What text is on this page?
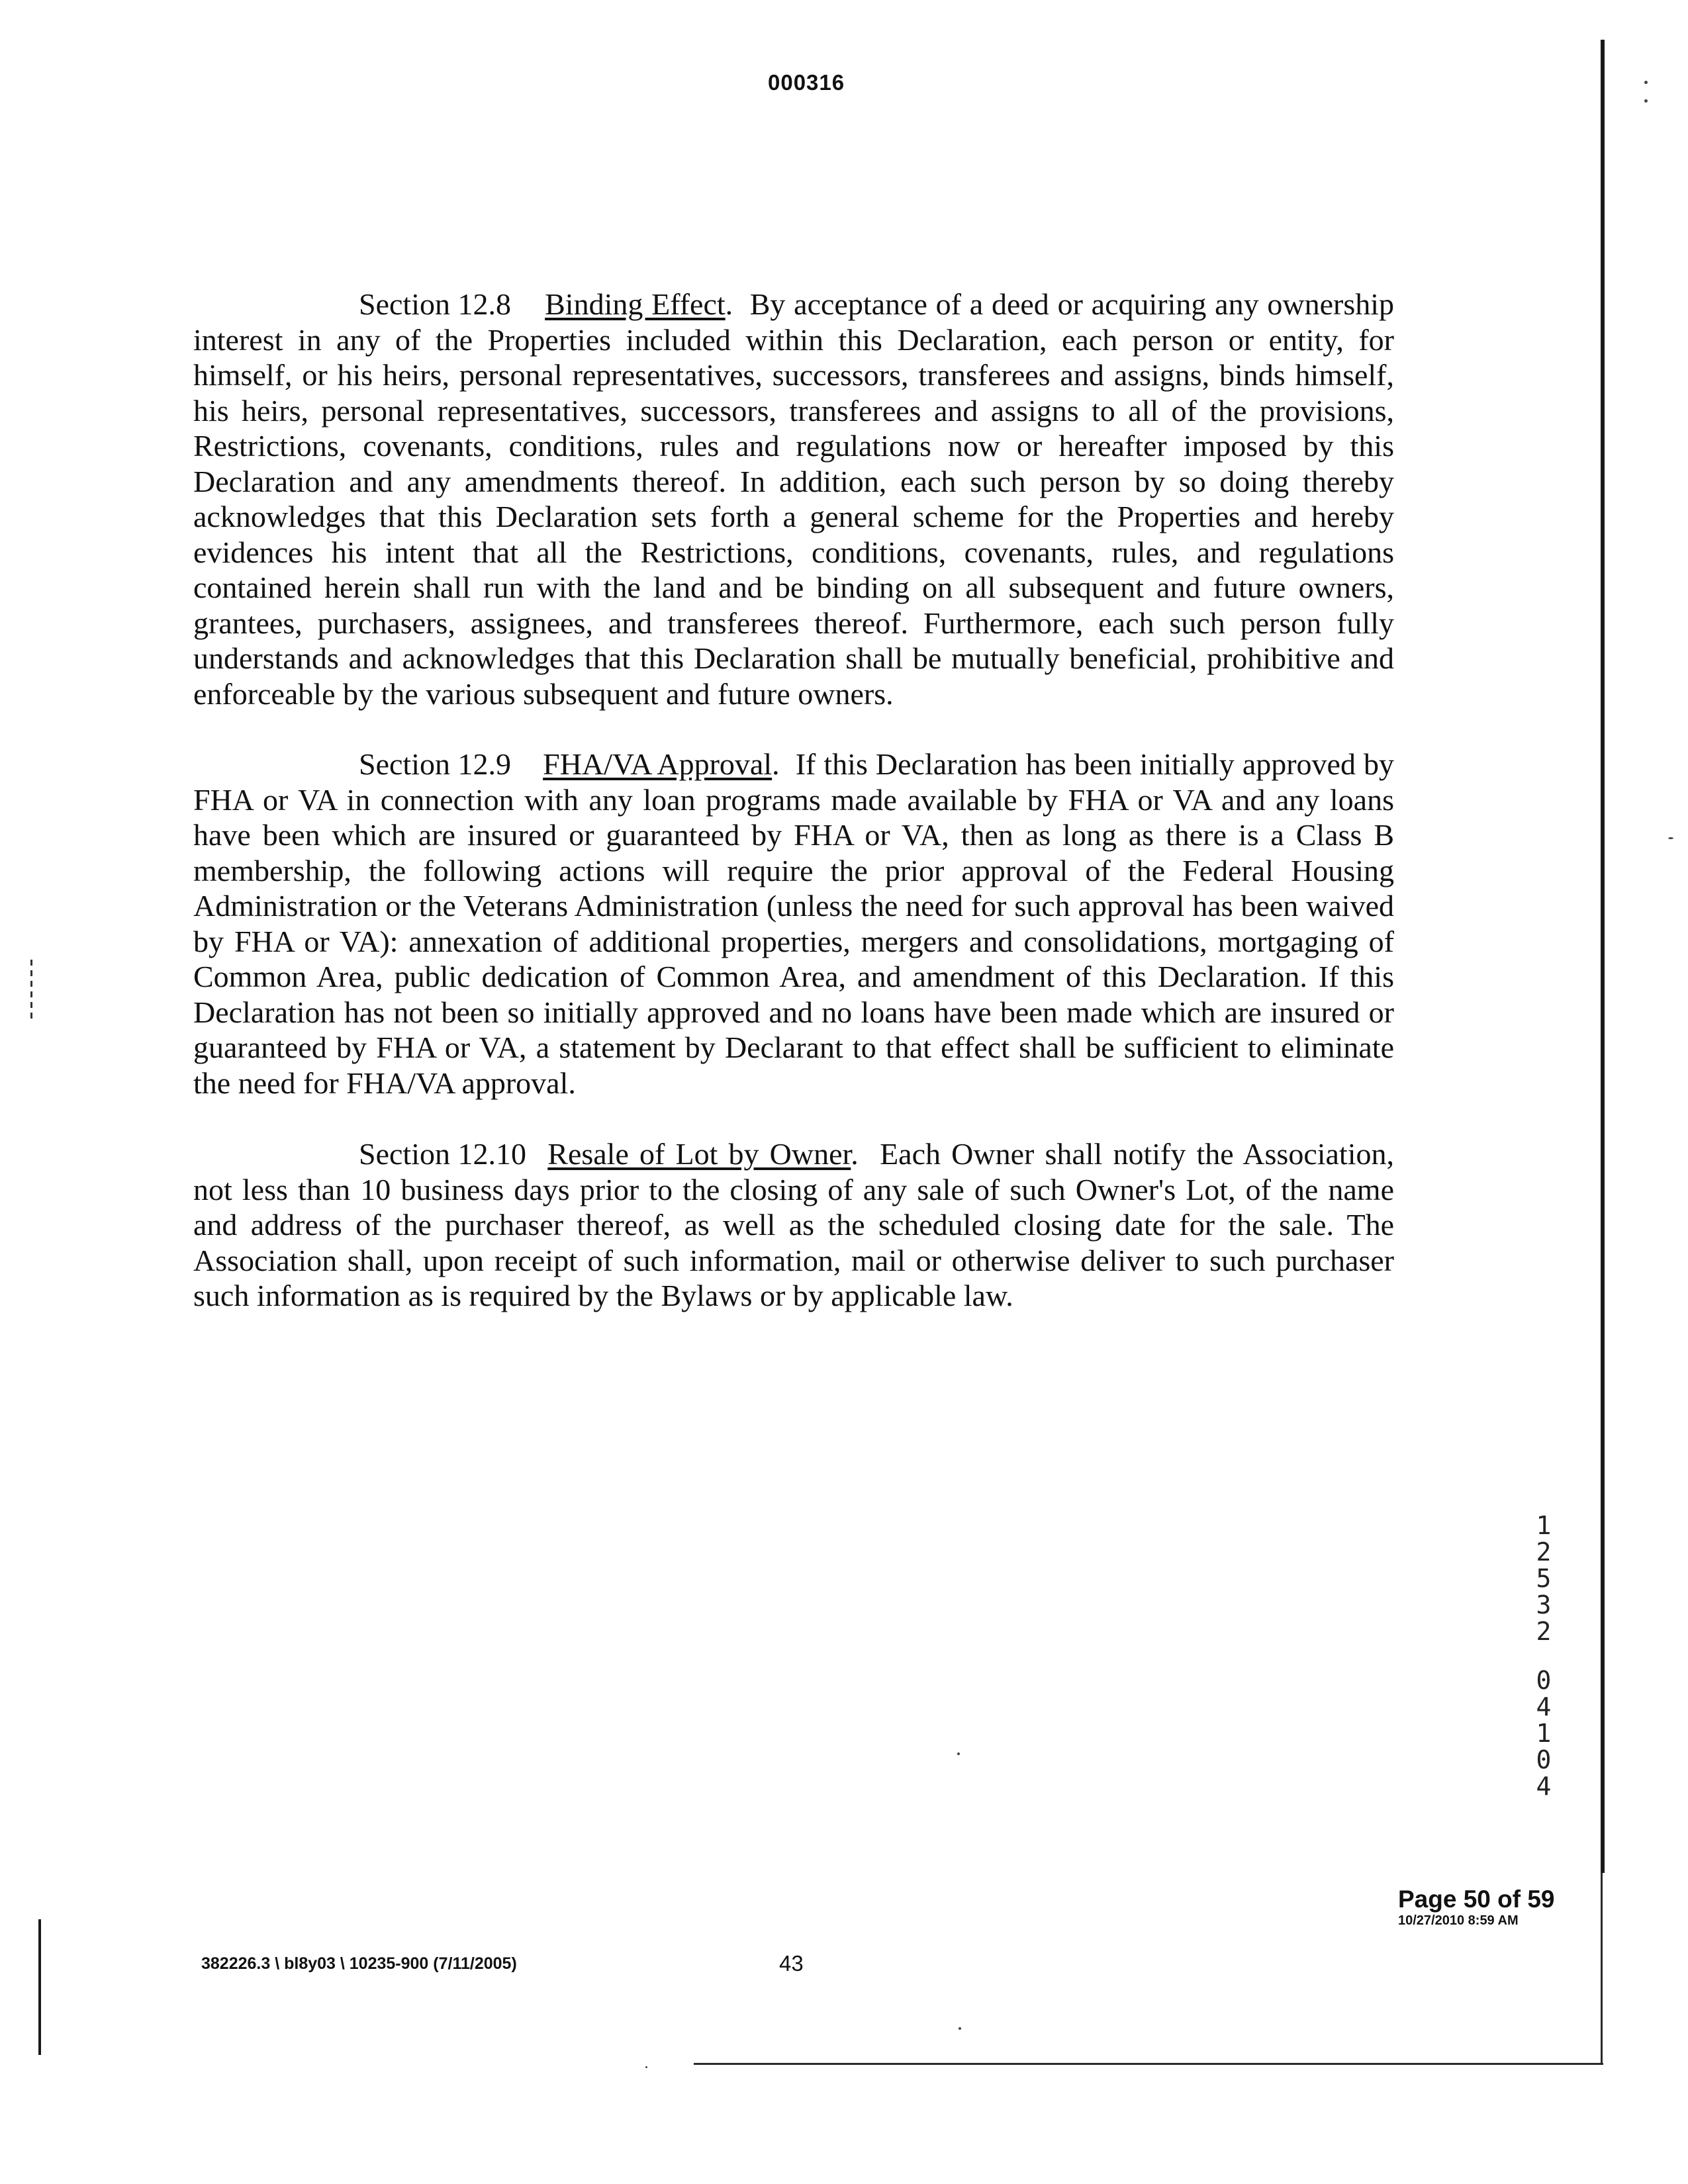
000316

Section 12.8 Binding Effect.  By acceptance of a deed or acquiring any ownership interest in any of the Properties included within this Declaration, each person or entity, for himself, or his heirs, personal representatives, successors, transferees and assigns, binds himself, his heirs, personal representatives, successors, transferees and assigns to all of the provisions, Restrictions, covenants, conditions, rules and regulations now or hereafter imposed by this Declaration and any amendments thereof. In addition, each such person by so doing thereby acknowledges that this Declaration sets forth a general scheme for the Properties and hereby evidences his intent that all the Restrictions, conditions, covenants, rules, and regulations contained herein shall run with the land and be binding on all subsequent and future owners, grantees, purchasers, assignees, and transferees thereof. Furthermore, each such person fully understands and acknowledges that this Declaration shall be mutually beneficial, prohibitive and enforceable by the various subsequent and future owners.

Section 12.9 FHA/VA Approval.  If this Declaration has been initially approved by FHA or VA in connection with any loan programs made available by FHA or VA and any loans have been which are insured or guaranteed by FHA or VA, then as long as there is a Class B membership, the following actions will require the prior approval of the Federal Housing Administration or the Veterans Administration (unless the need for such approval has been waived by FHA or VA): annexation of additional properties, mergers and consolidations, mortgaging of Common Area, public dedication of Common Area, and amendment of this Declaration. If this Declaration has not been so initially approved and no loans have been made which are insured or guaranteed by FHA or VA, a statement by Declarant to that effect shall be sufficient to eliminate the need for FHA/VA approval.

Section 12.10 Resale of Lot by Owner.  Each Owner shall notify the Association, not less than 10 business days prior to the closing of any sale of such Owner's Lot, of the name and address of the purchaser thereof, as well as the scheduled closing date for the sale. The Association shall, upon receipt of such information, mail or otherwise deliver to such purchaser such information as is required by the Bylaws or by applicable law.

1
2
5
3
2
0
4
1
0
4
Page 50 of 59
10/27/2010 8:59 AM
382226.3 \ bl8y03 \ 10235-900 (7/11/2005)	43
